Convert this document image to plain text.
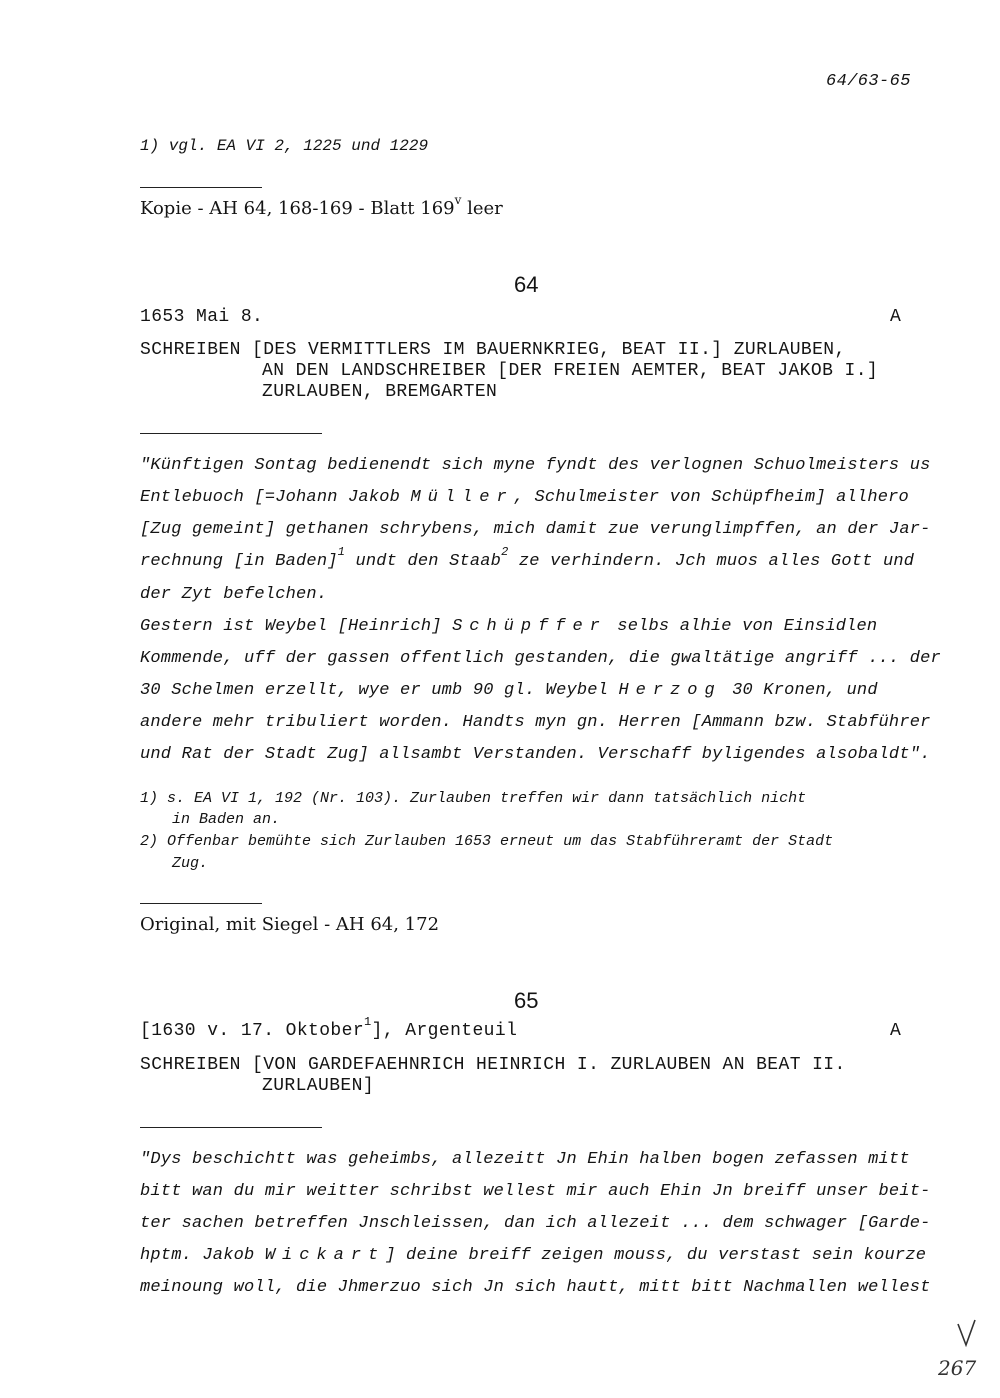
64/63-65
1) vgl. EA VI 2, 1225 und 1229
Kopie - AH 64, 168-169 - Blatt 169$^v$ leer
64
1653 Mai 8.	A
SCHREIBEN [DES VERMITTLERS IM BAUERNKRIEG, BEAT II.] ZURLAUBEN,
AN DEN LANDSCHREIBER [DER FREIEN AEMTER, BEAT JAKOB I.]
ZURLAUBEN, BREMGARTEN
"Künftigen Sontag bedienendt sich myne fyndt des verlognen Schuolmeisters us
Entlebuoch [=Johann Jakob Müller, Schulmeister von Schüpfheim] allhero
[Zug gemeint] gethanen schrybens, mich damit zue verunglimpffen, an der Jar-
rechnung [in Baden]$^1$ undt den Staab$^2$ ze verhindern. Jch muos alles Gott und
der Zyt befelchen.
Gestern ist Weybel [Heinrich] Schüpffer selbs alhie von Einsidlen
Kommende, uff der gassen offentlich gestanden, die gwaltätige angriff ... der
30 Schelmen erzellt, wye er umb 90 gl. Weybel Herzog 30 Kronen, und
andere mehr tribuliert worden. Handts myn gn. Herren [Ammann bzw. Stabführer
und Rat der Stadt Zug] allsambt Verstanden. Verschaff byligendes alsobaldt".
1) s. EA VI 1, 192 (Nr. 103). Zurlauben treffen wir dann tatsächlich nicht
in Baden an.
2) Offenbar bemühte sich Zurlauben 1653 erneut um das Stabführeramt der Stadt
Zug.
Original, mit Siegel - AH 64, 172
65
[1630 v. 17. Oktober$^1$], Argenteuil	A
SCHREIBEN [VON GARDEFAEHNRICH HEINRICH I. ZURLAUBEN AN BEAT II.
ZURLAUBEN]
"Dys beschichtt was geheimbs, allezeitt Jn Ehin halben bogen zefassen mitt
bitt wan du mir weitter schribst wellest mir auch Ehin Jn breiff unser beit-
ter sachen betreffen Jnschleissen, dan ich allezeit ... dem schwager [Garde-
hptm. Jakob Wickart] deine breiff zeigen mouss, du verstast sein kourze
meinoung woll, die Jhmerzuo sich Jn sich hautt, mitt bitt Nachmallen wellest
267
